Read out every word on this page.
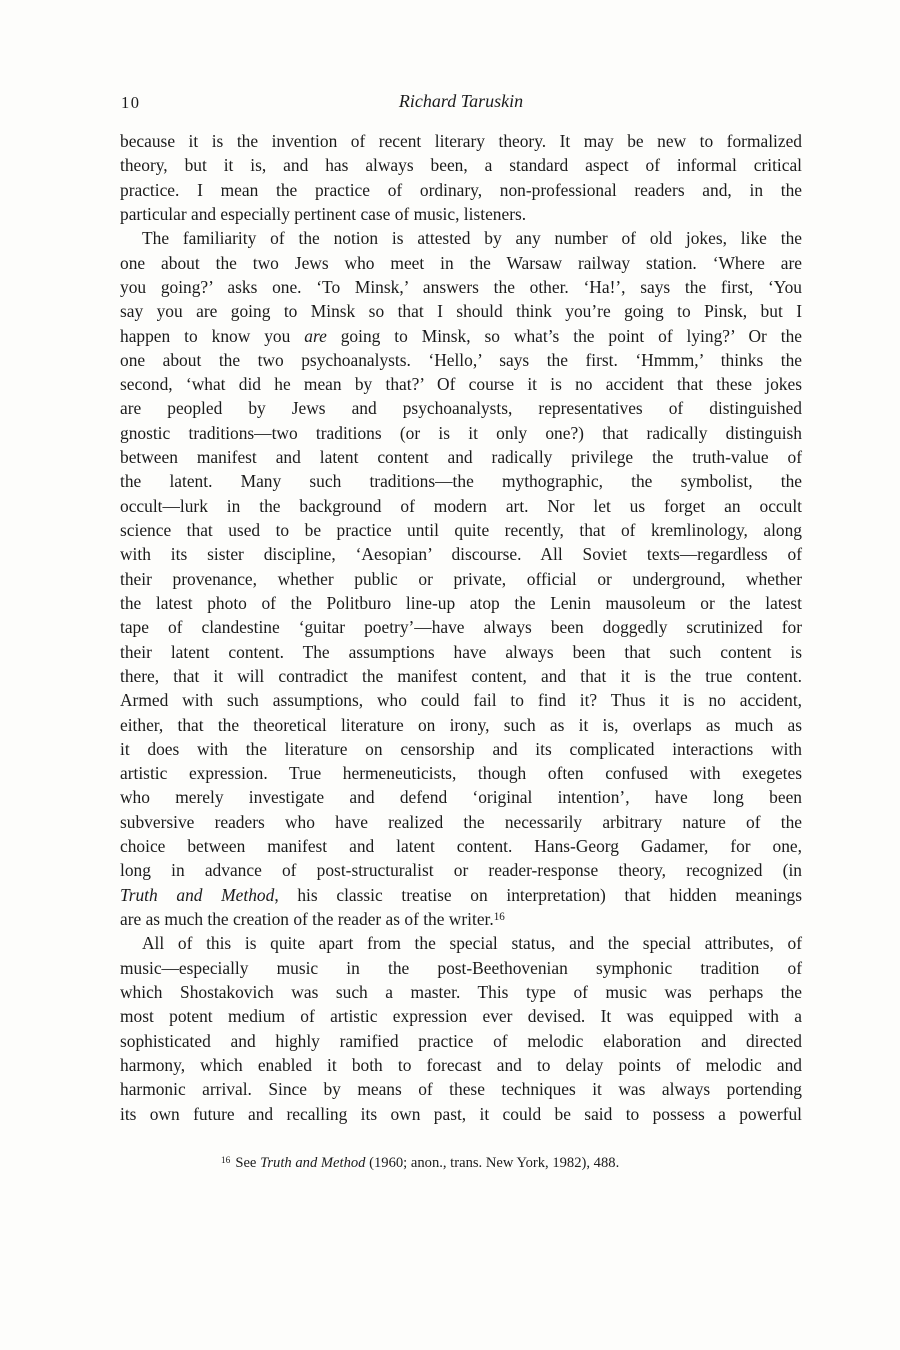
10	Richard Taruskin
because it is the invention of recent literary theory. It may be new to formalized
theory, but it is, and has always been, a standard aspect of informal critical
practice. I mean the practice of ordinary, non-professional readers and, in the
particular and especially pertinent case of music, listeners.
The familiarity of the notion is attested by any number of old jokes, like the
one about the two Jews who meet in the Warsaw railway station. ‘Where are
you going?’ asks one. ‘To Minsk,’ answers the other. ‘Ha!’, says the first, ‘You
say you are going to Minsk so that I should think you’re going to Pinsk, but I
happen to know you are going to Minsk, so what’s the point of lying?’ Or the
one about the two psychoanalysts. ‘Hello,’ says the first. ‘Hmmm,’ thinks the
second, ‘what did he mean by that?’ Of course it is no accident that these jokes
are peopled by Jews and psychoanalysts, representatives of distinguished
gnostic traditions—two traditions (or is it only one?) that radically distinguish
between manifest and latent content and radically privilege the truth-value of
the latent. Many such traditions—the mythographic, the symbolist, the
occult—lurk in the background of modern art. Nor let us forget an occult
science that used to be practice until quite recently, that of kremlinology, along
with its sister discipline, ‘Aesopian’ discourse. All Soviet texts—regardless of
their provenance, whether public or private, official or underground, whether
the latest photo of the Politburo line-up atop the Lenin mausoleum or the latest
tape of clandestine ‘guitar poetry’—have always been doggedly scrutinized for
their latent content. The assumptions have always been that such content is
there, that it will contradict the manifest content, and that it is the true content.
Armed with such assumptions, who could fail to find it? Thus it is no accident,
either, that the theoretical literature on irony, such as it is, overlaps as much as
it does with the literature on censorship and its complicated interactions with
artistic expression. True hermeneuticists, though often confused with exegetes
who merely investigate and defend ‘original intention’, have long been
subversive readers who have realized the necessarily arbitrary nature of the
choice between manifest and latent content. Hans-Georg Gadamer, for one,
long in advance of post-structuralist or reader-response theory, recognized (in
Truth and Method, his classic treatise on interpretation) that hidden meanings
are as much the creation of the reader as of the writer.$^{16}$
All of this is quite apart from the special status, and the special attributes, of
music—especially music in the post-Beethovenian symphonic tradition of
which Shostakovich was such a master. This type of music was perhaps the
most potent medium of artistic expression ever devised. It was equipped with a
sophisticated and highly ramified practice of melodic elaboration and directed
harmony, which enabled it both to forecast and to delay points of melodic and
harmonic arrival. Since by means of these techniques it was always portending
its own future and recalling its own past, it could be said to possess a powerful
$^{16}$ See Truth and Method (1960; anon., trans. New York, 1982), 488.
